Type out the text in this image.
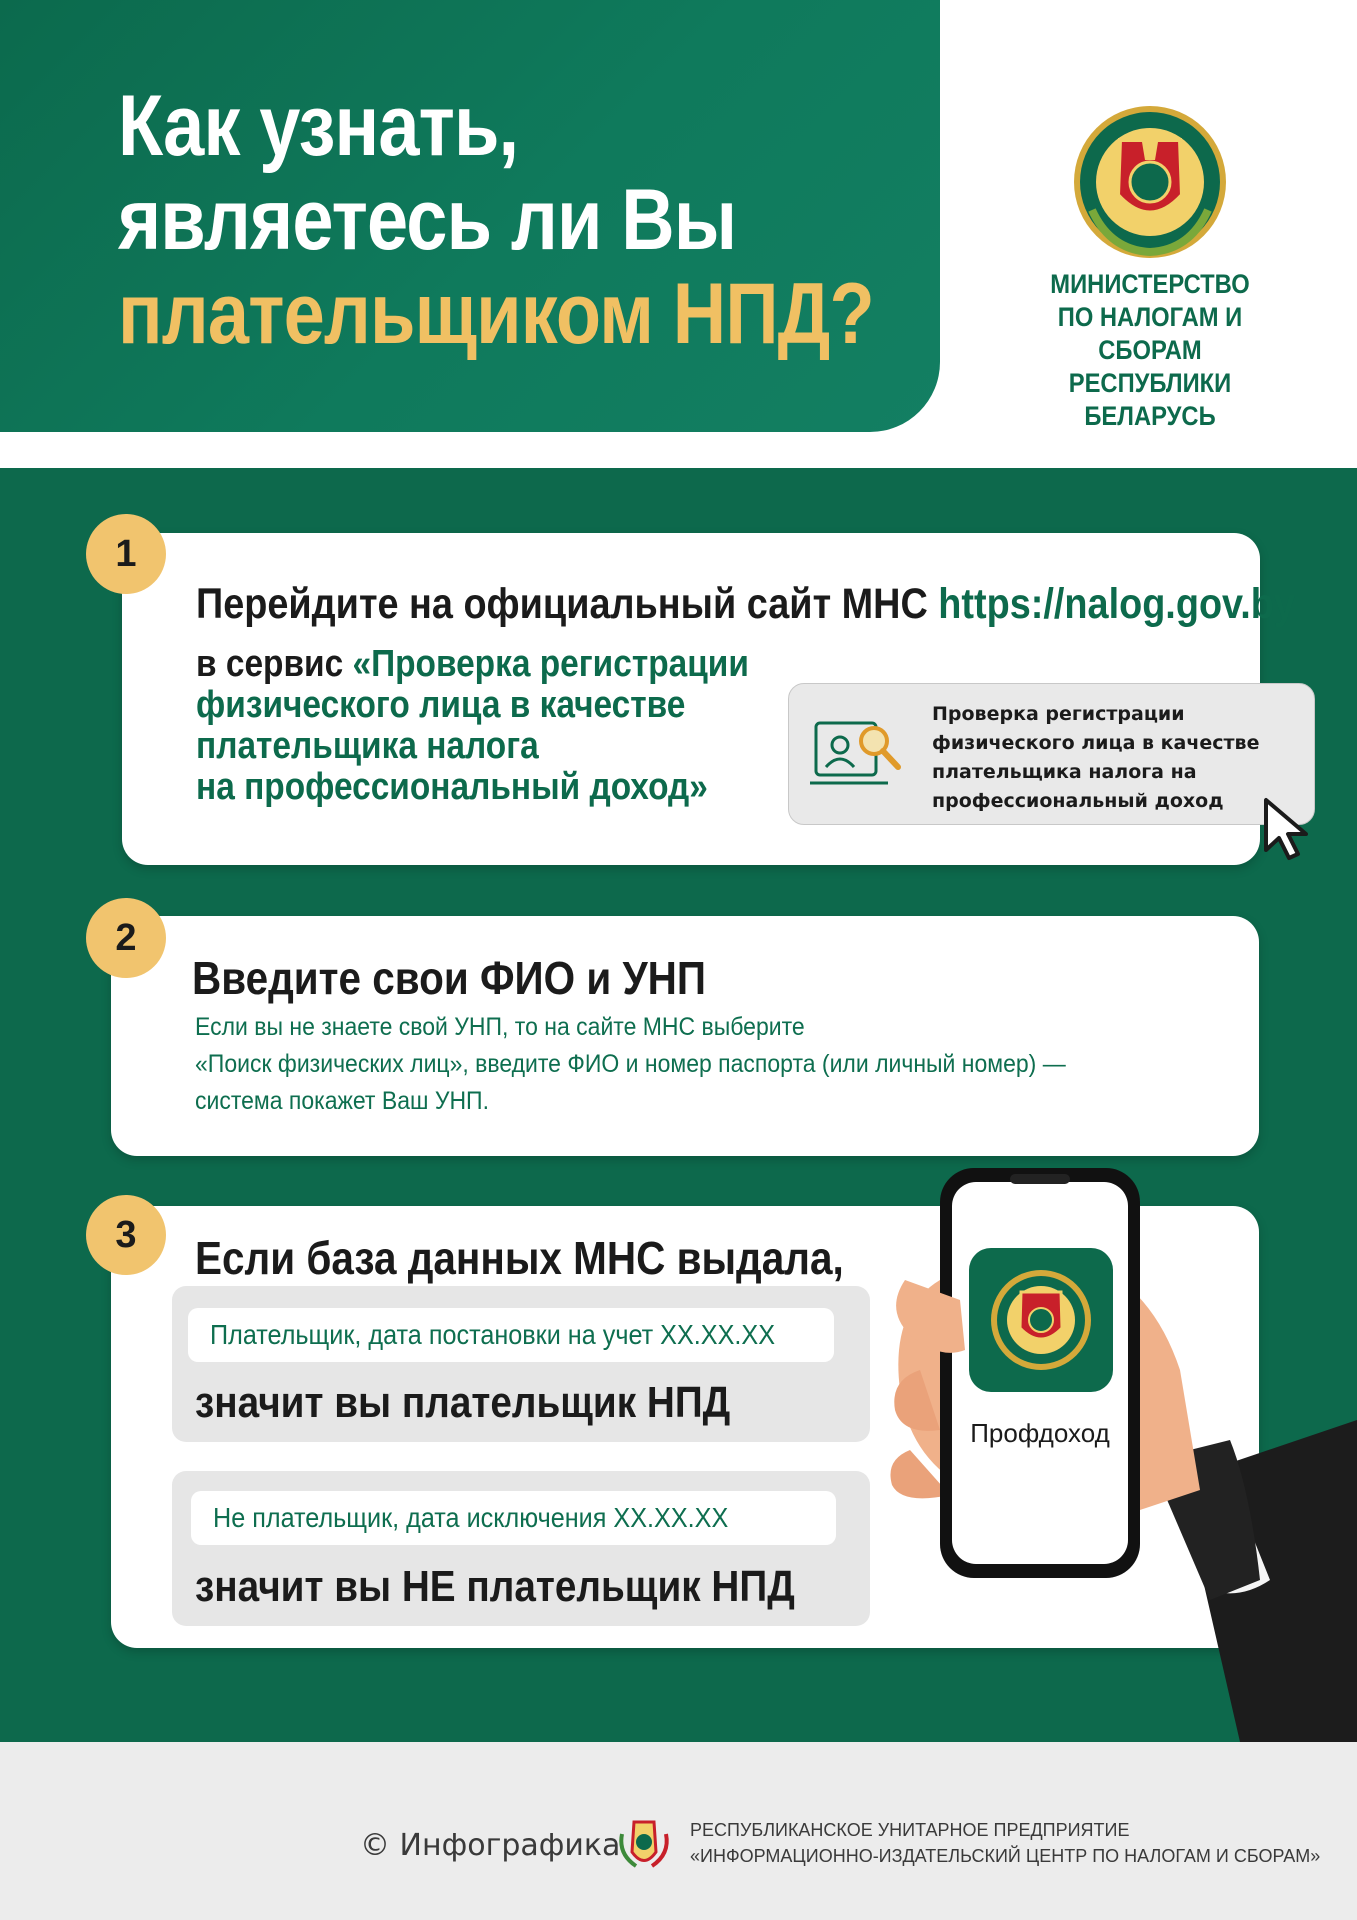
Как узнать,
являетесь ли Вы
плательщиком НПД?	МИНИСТЕРСТВО
ПО НАЛОГАМ И СБОРАМ
РЕСПУБЛИКИ БЕЛАРУСЬ
1
Перейдите на официальный сайт МНС https://nalog.gov.by
в сервис «Проверка регистрации
физического лица в качестве
плательщика налога
на профессиональный доход»
Проверка регистрации
физического лица в качестве
плательщика налога на
профессиональный доход
2
Введите свои ФИО и УНП
Если вы не знаете свой УНП, то на сайте МНС выберите
«Поиск физических лиц», введите ФИО и номер паспорта (или личный номер) —
система покажет Ваш УНП.
3	Если база данных МНС выдала,
Плательщик, дата постановки на учет XX.XX.XX
значит вы плательщик НПД
Не плательщик, дата исключения XX.XX.XX
значит вы НЕ плательщик НПД
Профдоход
© Инфографика	РЕСПУБЛИКАНСКОЕ УНИТАРНОЕ ПРЕДПРИЯТИЕ
«ИНФОРМАЦИОННО-ИЗДАТЕЛЬСКИЙ ЦЕНТР ПО НАЛОГАМ И СБОРАМ»
